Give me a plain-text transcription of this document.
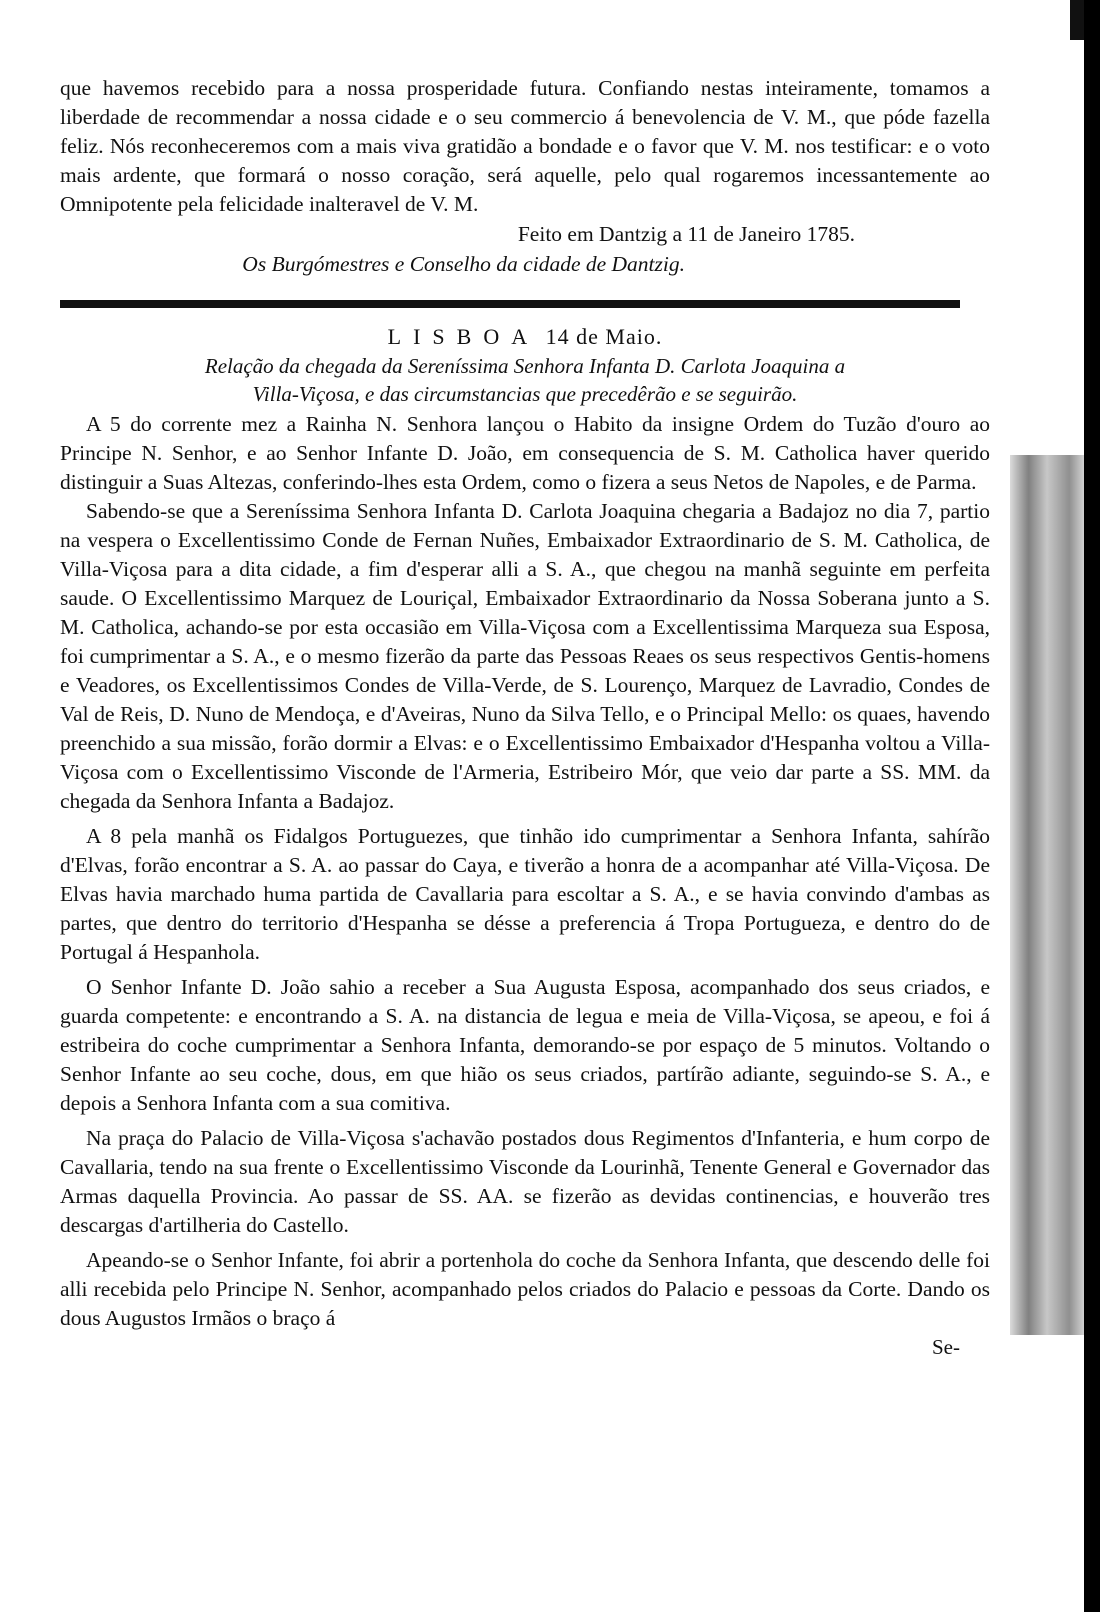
que havemos recebido para a nossa prosperidade futura. Confiando nestas inteiramente, tomamos a liberdade de recommendar a nossa cidade e o seu commercio á benevolencia de V. M., que póde fazella feliz. Nós reconheceremos com a mais viva gratidão a bondade e o favor que V. M. nos testificar: e o voto mais ardente, que formará o nosso coração, será aquelle, pelo qual rogaremos incessantemente ao Omnipotente pela felicidade inalteravel de V. M.

Feito em Dantzig a 11 de Janeiro 1785.
Os Burgómestres e Conselho da cidade de Dantzig.
LISBOA 14 de Maio.
Relação da chegada da Sereníssima Senhora Infanta D. Carlota Joaquina a
Villa-Viçosa, e das circumstancias que precedêrão e se seguirão.

A 5 do corrente mez a Rainha N. Senhora lançou o Habito da insigne Ordem do Tuzão d'ouro ao Principe N. Senhor, e ao Senhor Infante D. João, em consequencia de S. M. Catholica haver querido distinguir a Suas Altezas, conferindo-lhes esta Ordem, como o fizera a seus Netos de Napoles, e de Parma.

Sabendo-se que a Sereníssima Senhora Infanta D. Carlota Joaquina chegaria a Badajoz no dia 7, partio na vespera o Excellentissimo Conde de Fernan Nuñes, Embaixador Extraordinario de S. M. Catholica, de Villa-Viçosa para a dita cidade, a fim d'esperar alli a S. A., que chegou na manhã seguinte em perfeita saude. O Excellentissimo Marquez de Louriçal, Embaixador Extraordinario da Nossa Soberana junto a S. M. Catholica, achando-se por esta occasião em Villa-Viçosa com a Excellentissima Marqueza sua Esposa, foi cumprimentar a S. A., e o mesmo fizerão da parte das Pessoas Reaes os seus respectivos Gentis-homens e Veadores, os Excellentissimos Condes de Villa-Verde, de S. Lourenço, Marquez de Lavradio, Condes de Val de Reis, D. Nuno de Mendoça, e d'Aveiras, Nuno da Silva Tello, e o Principal Mello: os quaes, havendo preenchido a sua missão, forão dormir a Elvas: e o Excellentissimo Embaixador d'Hespanha voltou a Villa-Viçosa com o Excellentissimo Visconde de l'Armeria, Estribeiro Mór, que veio dar parte a SS. MM. da chegada da Senhora Infanta a Badajoz.

A 8 pela manhã os Fidalgos Portuguezes, que tinhão ido cumprimentar a Senhora Infanta, sahírão d'Elvas, forão encontrar a S. A. ao passar do Caya, e tiverão a honra de a acompanhar até Villa-Viçosa. De Elvas havia marchado huma partida de Cavallaria para escoltar a S. A., e se havia convindo d'ambas as partes, que dentro do territorio d'Hespanha se désse a preferencia á Tropa Portugueza, e dentro do de Portugal á Hespanhola.

O Senhor Infante D. João sahio a receber a Sua Augusta Esposa, acompanhado dos seus criados, e guarda competente: e encontrando a S. A. na distancia de legua e meia de Villa-Viçosa, se apeou, e foi á estribeira do coche cumprimentar a Senhora Infanta, demorando-se por espaço de 5 minutos. Voltando o Senhor Infante ao seu coche, dous, em que hião os seus criados, partírão adiante, seguindo-se S. A., e depois a Senhora Infanta com a sua comitiva.

Na praça do Palacio de Villa-Viçosa s'achavão postados dous Regimentos d'Infanteria, e hum corpo de Cavallaria, tendo na sua frente o Excellentissimo Visconde da Lourinhã, Tenente General e Governador das Armas daquella Provincia. Ao passar de SS. AA. se fizerão as devidas continencias, e houverão tres descargas d'artilheria do Castello.

Apeando-se o Senhor Infante, foi abrir a portenhola do coche da Senhora Infanta, que descendo delle foi alli recebida pelo Principe N. Senhor, acompanhado pelos criados do Palacio e pessoas da Corte. Dando os dous Augustos Irmãos o braço á

Se-
